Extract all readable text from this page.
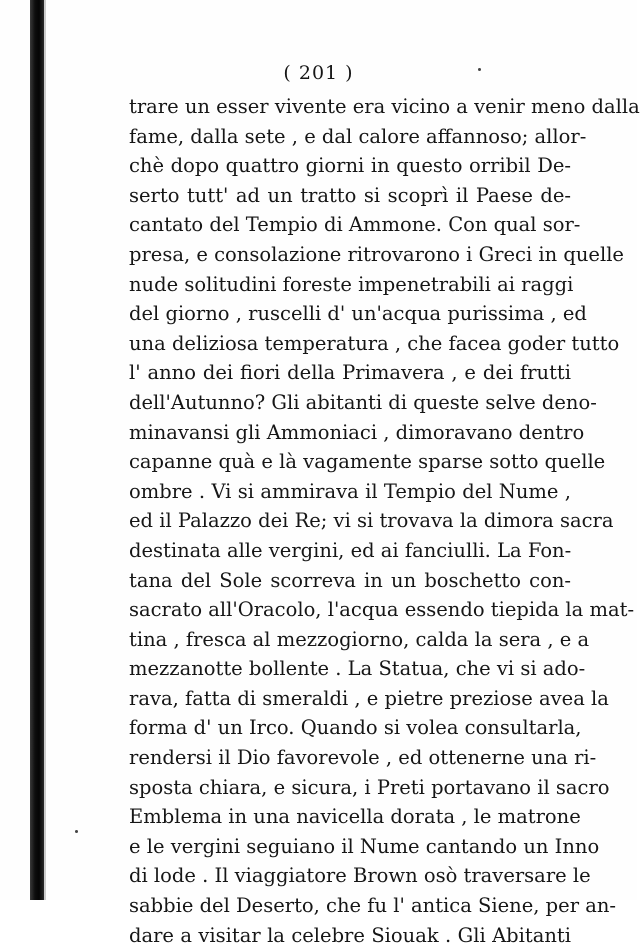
( 201 )
trare un esser vivente era vicino a venir meno dalla
fame, dalla sete , e dal calore affannoso; allor-
chè dopo quattro giorni in questo orribil De-
serto tutt' ad un tratto si scoprì il Paese de-
cantato del Tempio di Ammone. Con qual sor-
presa, e consolazione ritrovarono i Greci in quelle
nude solitudini foreste impenetrabili ai raggi
del giorno , ruscelli d' un'acqua purissima , ed
una deliziosa temperatura , che facea goder tutto
l' anno dei fiori della Primavera , e dei frutti
dell'Autunno? Gli abitanti di queste selve deno-
minavansi gli Ammoniaci , dimoravano dentro
capanne quà e là vagamente sparse sotto quelle
ombre . Vi si ammirava il Tempio del Nume ,
ed il Palazzo dei Re; vi si trovava la dimora sacra
destinata alle vergini, ed ai fanciulli. La Fon-
tana del Sole scorreva in un boschetto con-
sacrato all'Oracolo, l'acqua essendo tiepida la mat-
tina , fresca al mezzogiorno, calda la sera , e a
mezzanotte bollente . La Statua, che vi si ado-
rava, fatta di smeraldi , e pietre preziose avea la
forma d' un Irco. Quando si volea consultarla,
rendersi il Dio favorevole , ed ottenerne una ri-
sposta chiara, e sicura, i Preti portavano il sacro
Emblema in una navicella dorata , le matrone
e le vergini seguiano il Nume cantando un Inno
di lode . Il viaggiatore Brown osò traversare le
sabbie del Deserto, che fu l' antica Siene, per an-
dare a visitar la celebre Siouak . Gli Abitanti
